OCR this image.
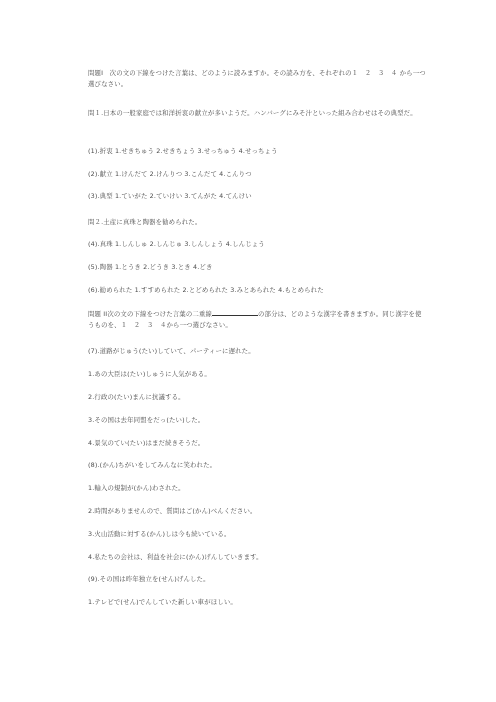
問題Ⅰ　次の文の下線をつけた言葉は、どのように読みますか。その読み方を、それぞれの１　２　３　４ から一つ選びなさい。
問１.日本の一般家庭では和洋折衷の献立が多いようだ。ハンバーグにみそ汁といった組み合わせはその典型だ。
(1).折衷 1.せきちゅう 2.せきちょう 3.せっちゅう 4.せっちょう
(2).献立 1.けんだて 2.けんりつ 3.こんだて 4.こんりつ
(3).典型 1.ていがた 2.ていけい 3.てんがた 4.てんけい
問２.土産に真珠と陶器を勧められた。
(4).真珠 1.しんしゅ 2.しんじゅ 3.しんしょう 4.しんじょう
(5).陶器 1.とうき 2.どうき 3.とき 4.どき
(6).勧められた 1.すすめられた 2.とどめられた 3.みとあられた 4.もとめられた
問題 II次の文の下線をつけた言葉の二重線	の部分は、どのような漢字を書きますか。同じ漢字を使うものを、１　２　３　４から一つ選びなさい。
(7).道路がじゅう(たい)していて、パーティーに遅れた。
1.あの大臣は(たい)しゅうに人気がある。
2.行政の(たい)まんに抗議する。
3.その国は去年同盟をだっ(たい)した。
4.景気のてい(たい)はまだ続きそうだ。
(8).(かん)ちがいをしてみんなに笑われた。
1.輸入の規制が(かん)わされた。
2.時間がありませんので、質問はご(かん)べんください。
3.火山活動に対する(かん)しは今も続いている。
4.私たちの会社は、利益を社会に(かん)げんしていきます。
(9).その国は昨年独立を(せん)げんした。
1.テレビで(せん)でんしていた新しい車がほしい。
